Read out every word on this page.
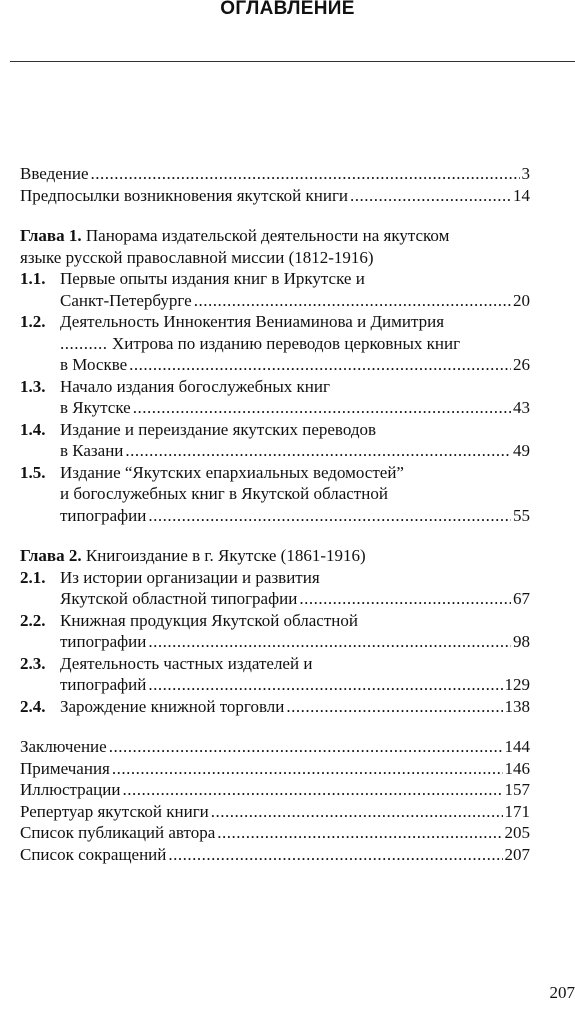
ОГЛАВЛЕНИЕ
Введение .....	3
Предпосылки возникновения якутской книги .....	14
Глава 1.
Панорама издательской деятельности на якутском
языке русской православной миссии (1812-1916)
1.1. Первые опыты издания книг в Иркутске и
Санкт-Петербурге .....	20
1.2. Деятельность Иннокентия Вениаминова и Димитрия
.....
Хитрова по изданию переводов церковных книг
в Москве .....	26
1.3. Начало издания богослужебных книг
в Якутске .....	43
1.4. Издание и переиздание якутских переводов
в Казани .....	49
1.5. Издание “Якутских епархиальных ведомостей”
и богослужебных книг в Якутской областной
типографии .....	55
Глава 2.
Книгоиздание в г. Якутске (1861-1916)
2.1. Из истории организации и развития
Якутской областной типографии .....	67
2.2. Книжная продукция Якутской областной
типографии .....	98
2.3. Деятельность частных издателей и
типографий .....	129
2.4. Зарождение книжной торговли .....	138
Заключение .....	144
Примечания .....	146
Иллюстрации .....	157
Репертуар якутской книги .....	171
Список публикаций автора .....	205
Список сокращений .....	207
207
